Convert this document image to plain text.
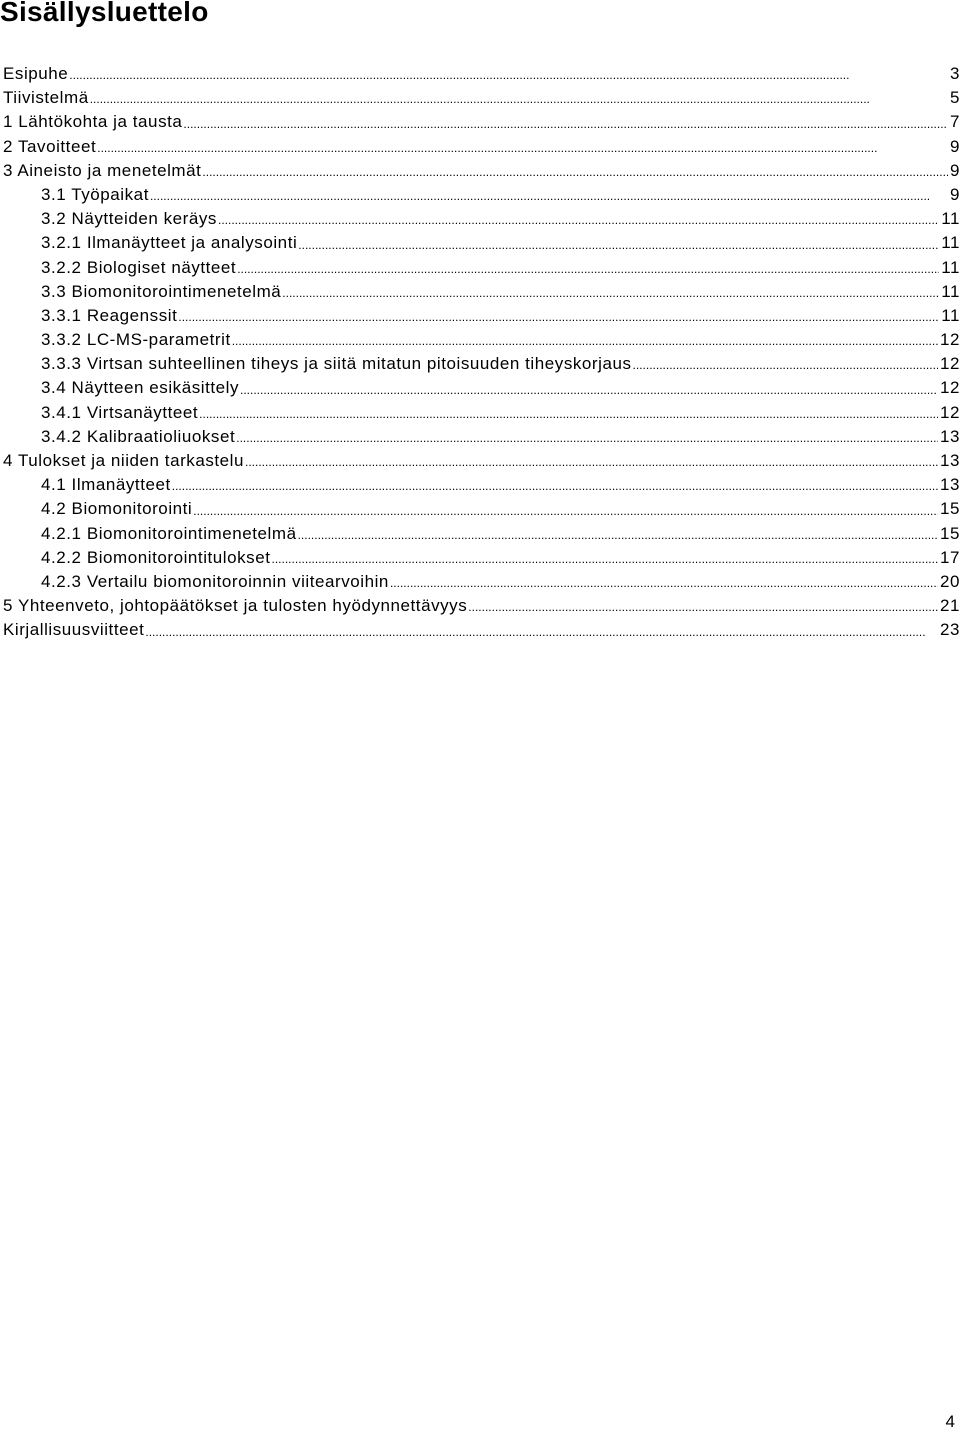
Sisällysluettelo
Esipuhe .....	3
Tiivistelmä .....	5
1 Lähtökohta ja tausta .....	7
2 Tavoitteet .....	9
3 Aineisto ja menetelmät .....	9
3.1 Työpaikat .....	9
3.2 Näytteiden keräys .....	11
3.2.1 Ilmanäytteet ja analysointi .....	11
3.2.2 Biologiset näytteet .....	11
3.3 Biomonitorointimenetelmä .....	11
3.3.1 Reagenssit .....	11
3.3.2 LC-MS-parametrit .....	12
3.3.3 Virtsan suhteellinen tiheys ja siitä mitatun pitoisuuden tiheyskorjaus .....	12
3.4 Näytteen esikäsittely .....	12
3.4.1 Virtsanäytteet .....	12
3.4.2 Kalibraatioliuokset .....	13
4 Tulokset ja niiden tarkastelu .....	13
4.1 Ilmanäytteet .....	13
4.2 Biomonitorointi .....	15
4.2.1 Biomonitorointimenetelmä .....	15
4.2.2 Biomonitorointitulokset .....	17
4.2.3 Vertailu biomonitoroinnin viitearvoihin .....	20
5 Yhteenveto, johtopäätökset ja tulosten hyödynnettävyys .....	21
Kirjallisuusviitteet .....	23
4
